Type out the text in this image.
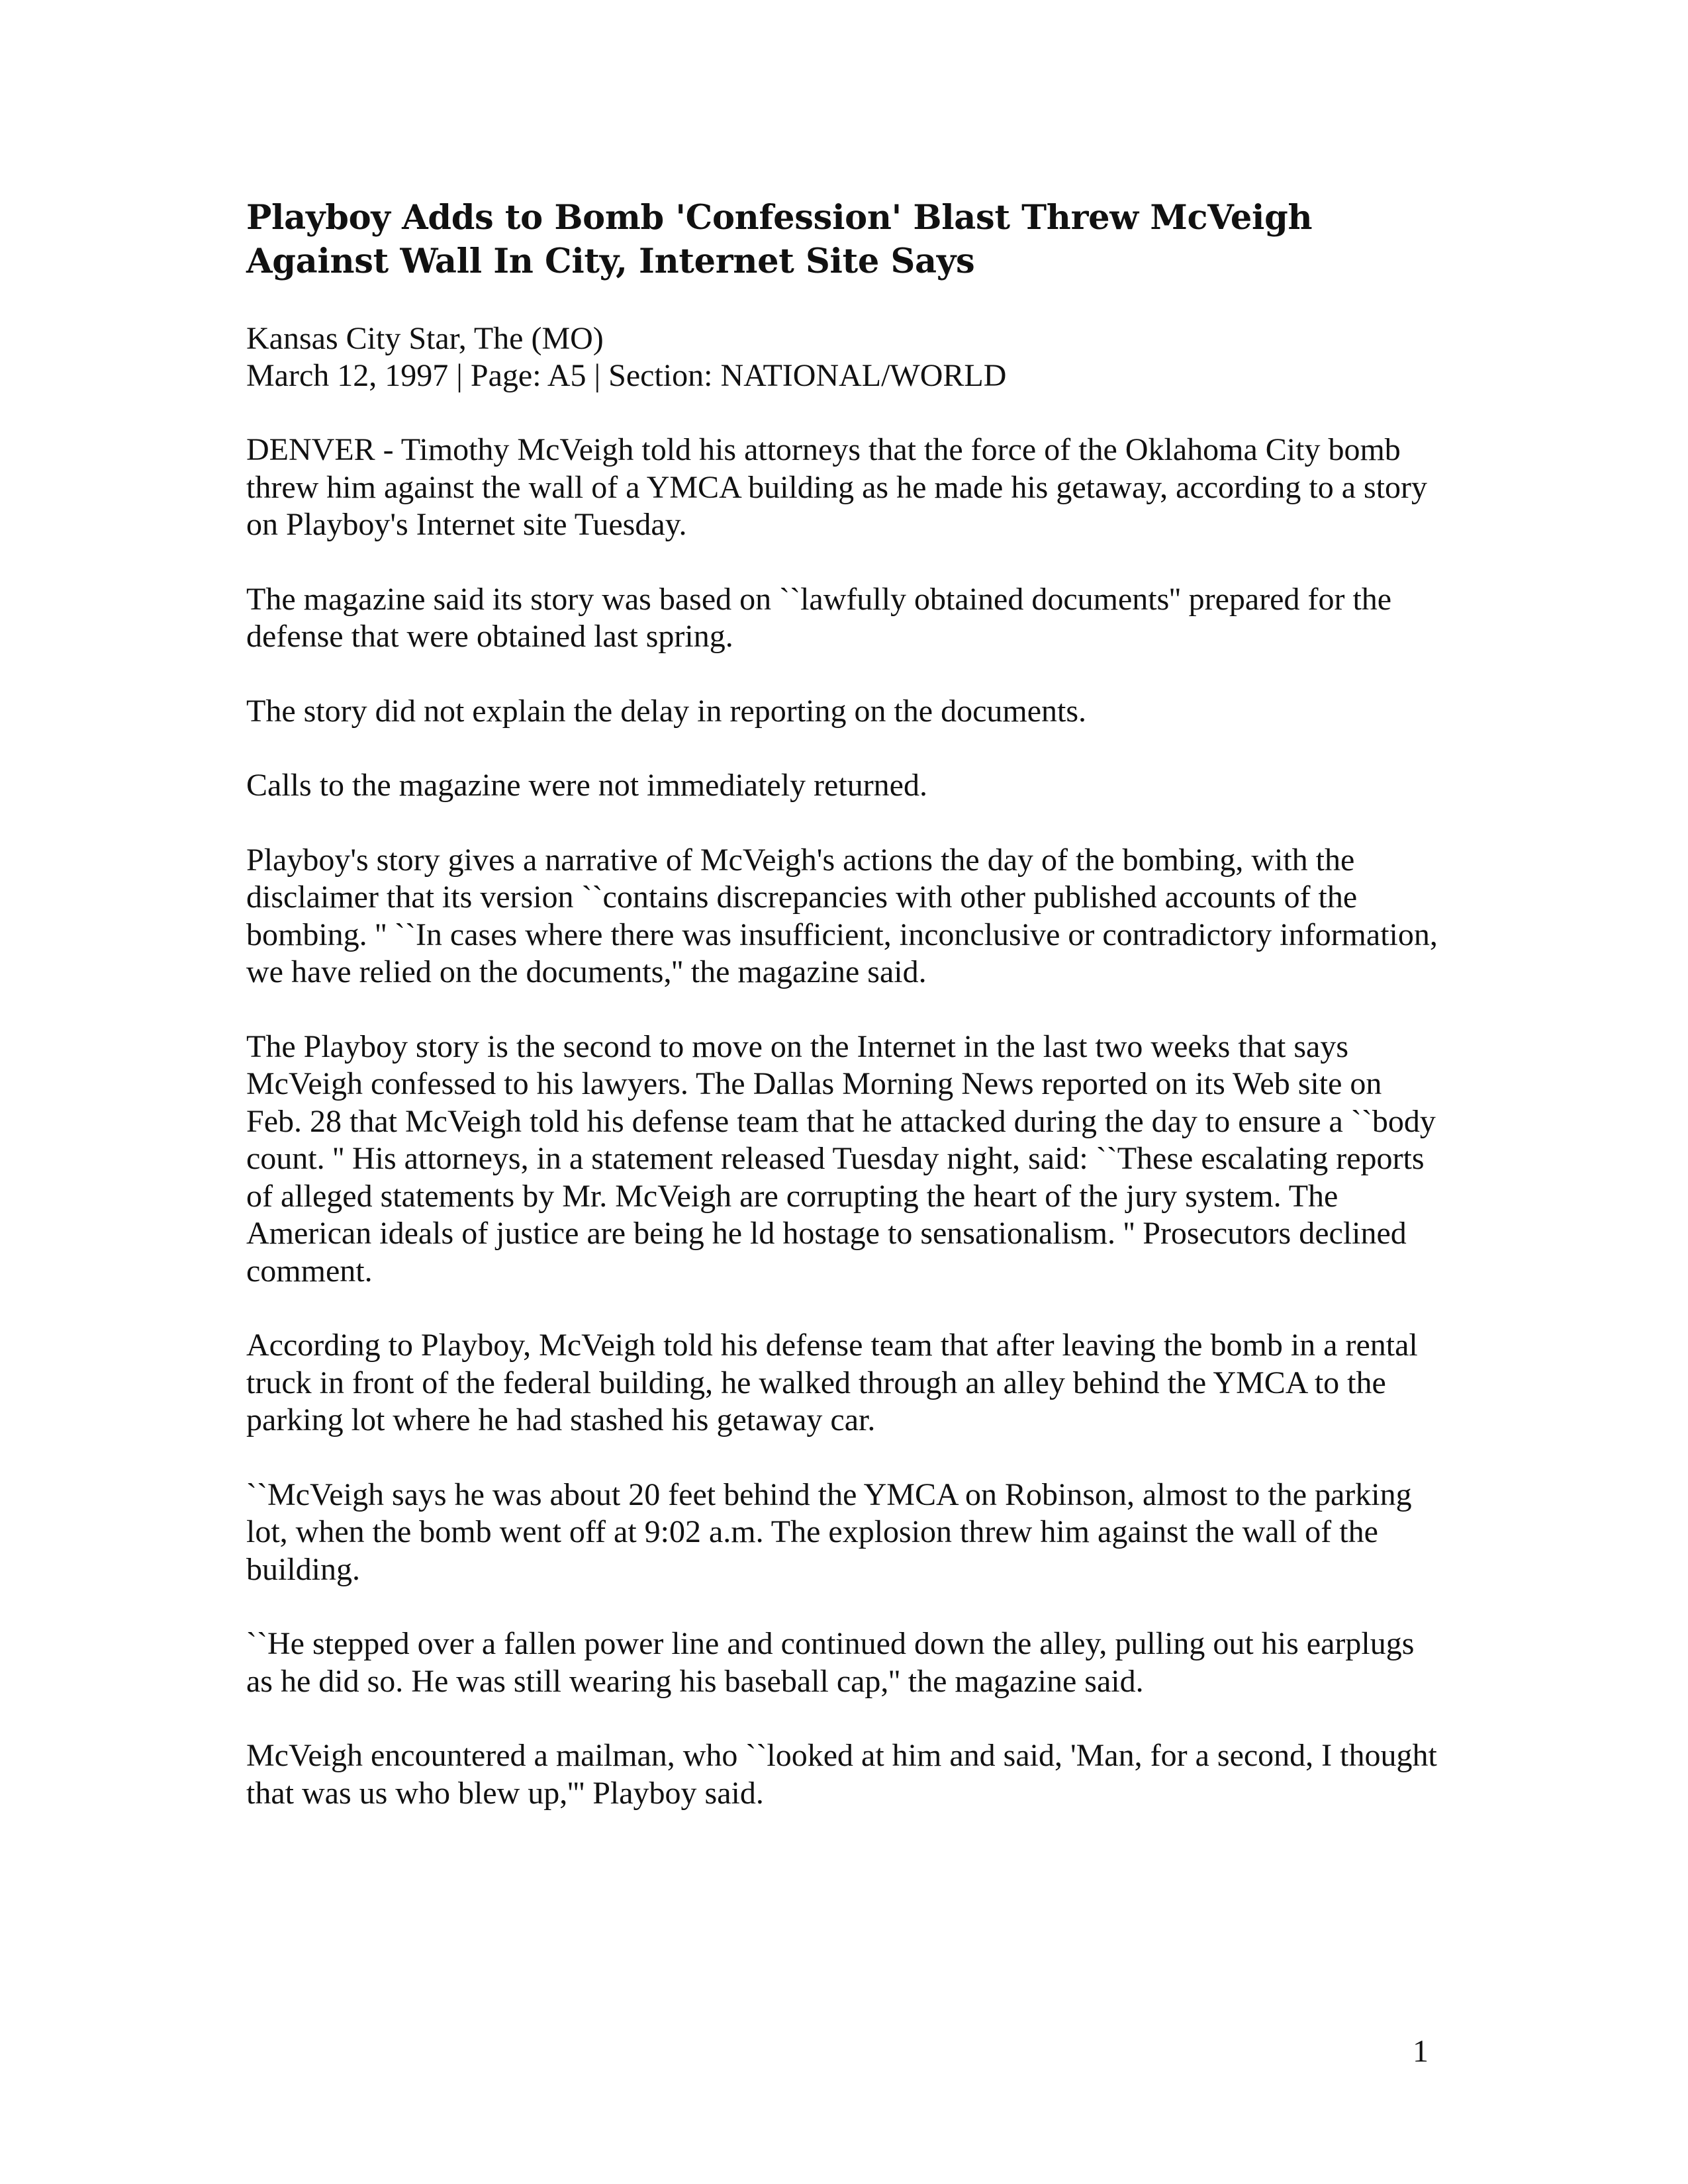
Playboy Adds to Bomb 'Confession' Blast Threw McVeigh Against Wall In City, Internet Site Says
Kansas City Star, The (MO)
March 12, 1997 | Page: A5 | Section: NATIONAL/WORLD

DENVER - Timothy McVeigh told his attorneys that the force of the Oklahoma City bomb threw him against the wall of a YMCA building as he made his getaway, according to a story on Playboy's Internet site Tuesday.

The magazine said its story was based on ``lawfully obtained documents'' prepared for the defense that were obtained last spring.

The story did not explain the delay in reporting on the documents.

Calls to the magazine were not immediately returned.

Playboy's story gives a narrative of McVeigh's actions the day of the bombing, with the disclaimer that its version ``contains discrepancies with other published accounts of the bombing. '' ``In cases where there was insufficient, inconclusive or contradictory information, we have relied on the documents,'' the magazine said.

The Playboy story is the second to move on the Internet in the last two weeks that says McVeigh confessed to his lawyers. The Dallas Morning News reported on its Web site on Feb. 28 that McVeigh told his defense team that he attacked during the day to ensure a ``body count. '' His attorneys, in a statement released Tuesday night, said: ``These escalating reports of alleged statements by Mr. McVeigh are corrupting the heart of the jury system. The American ideals of justice are being he ld hostage to sensationalism. '' Prosecutors declined comment.

According to Playboy, McVeigh told his defense team that after leaving the bomb in a rental truck in front of the federal building, he walked through an alley behind the YMCA to the parking lot where he had stashed his getaway car.

``McVeigh says he was about 20 feet behind the YMCA on Robinson, almost to the parking lot, when the bomb went off at 9:02 a.m. The explosion threw him against the wall of the building.

``He stepped over a fallen power line and continued down the alley, pulling out his earplugs as he did so. He was still wearing his baseball cap,'' the magazine said.

McVeigh encountered a mailman, who ``looked at him and said, 'Man, for a second, I thought that was us who blew up,''' Playboy said.

1
